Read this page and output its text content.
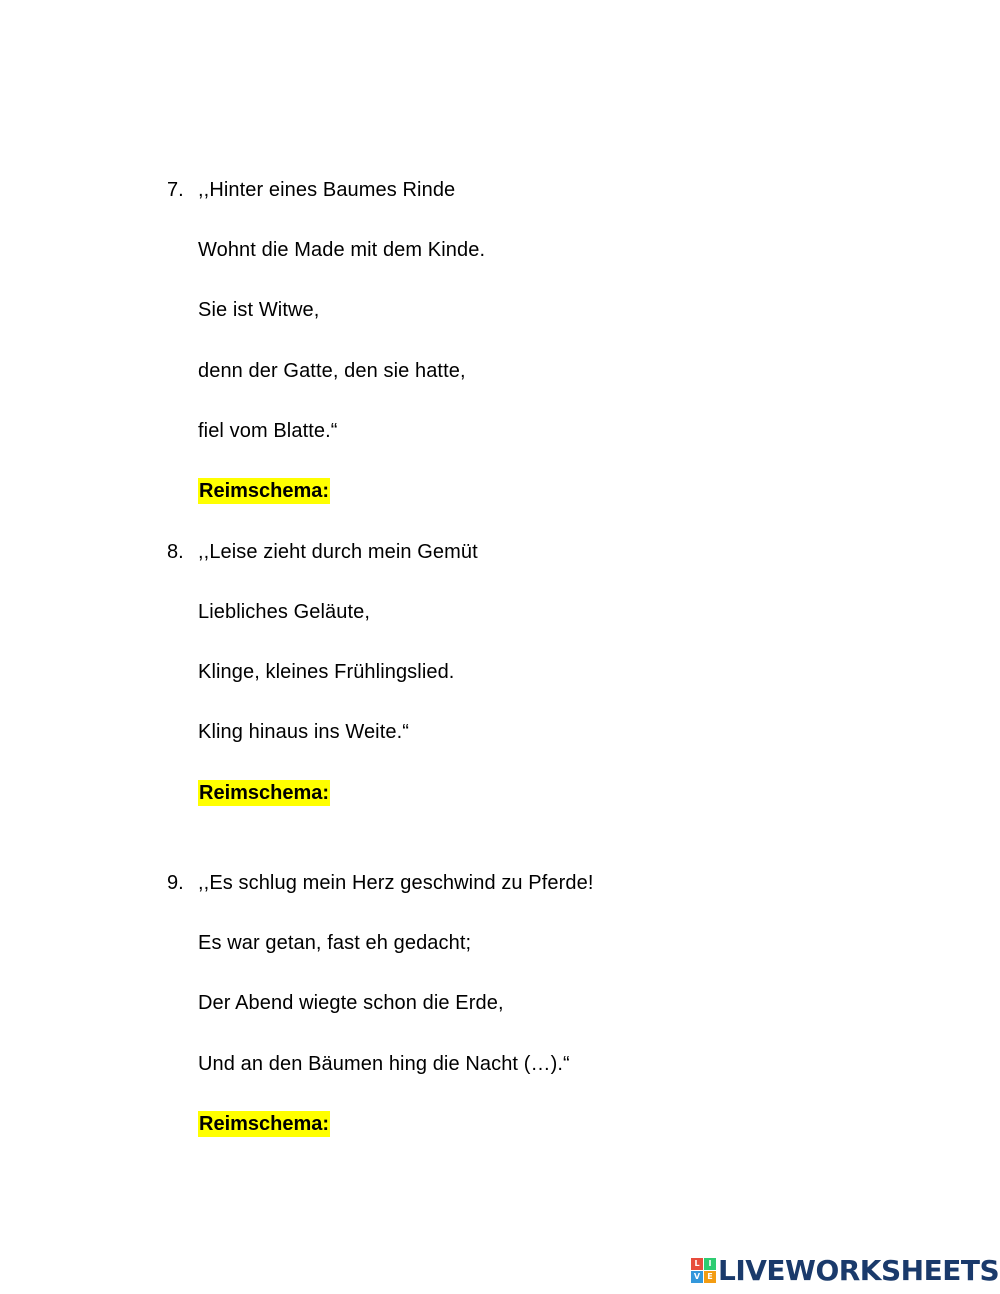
7. ,,Hinter eines Baumes Rinde
Wohnt die Made mit dem Kinde.
Sie ist Witwe,
denn der Gatte, den sie hatte,
fiel vom Blatte.“
Reimschema:
8. ,,Leise zieht durch mein Gemüt
Liebliches Geläute,
Klinge, kleines Frühlingslied.
Kling hinaus ins Weite.“
Reimschema:
9. ,,Es schlug mein Herz geschwind zu Pferde!
Es war getan, fast eh gedacht;
Der Abend wiegte schon die Erde,
Und an den Bäumen hing die Nacht (…).“
Reimschema:
L	I
V E LIVEWORKSHEETS
